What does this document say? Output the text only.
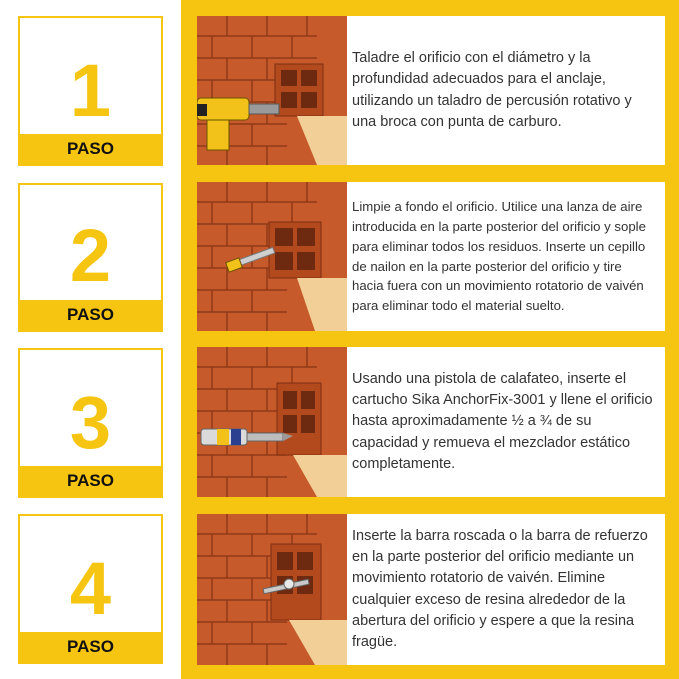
1
PASO
Taladre el orificio con el diámetro y la profundidad adecuados para el anclaje, utilizando un taladro de percusión rotativo y una broca con punta de carburo.
2
PASO
Limpie a fondo el orificio. Utilice una lanza de aire introducida en la parte posterior del orificio y sople para eliminar todos los residuos. Inserte un cepillo de nailon en la parte posterior del orificio y tire hacia fuera con un movimiento rotatorio de vaivén para eliminar todo el material suelto.
3
PASO
Usando una pistola de calafateo, inserte el cartucho Sika AnchorFix-3001 y llene el orificio hasta aproximadamente ½ a ¾ de su capacidad y remueva el mezclador estático completamente.
4
PASO
Inserte la barra roscada o la barra de refuerzo en la parte posterior del orificio mediante un movimiento rotatorio de vaivén. Elimine cualquier exceso de resina alrededor de la abertura del orificio y espere a que la resina fragüe.
